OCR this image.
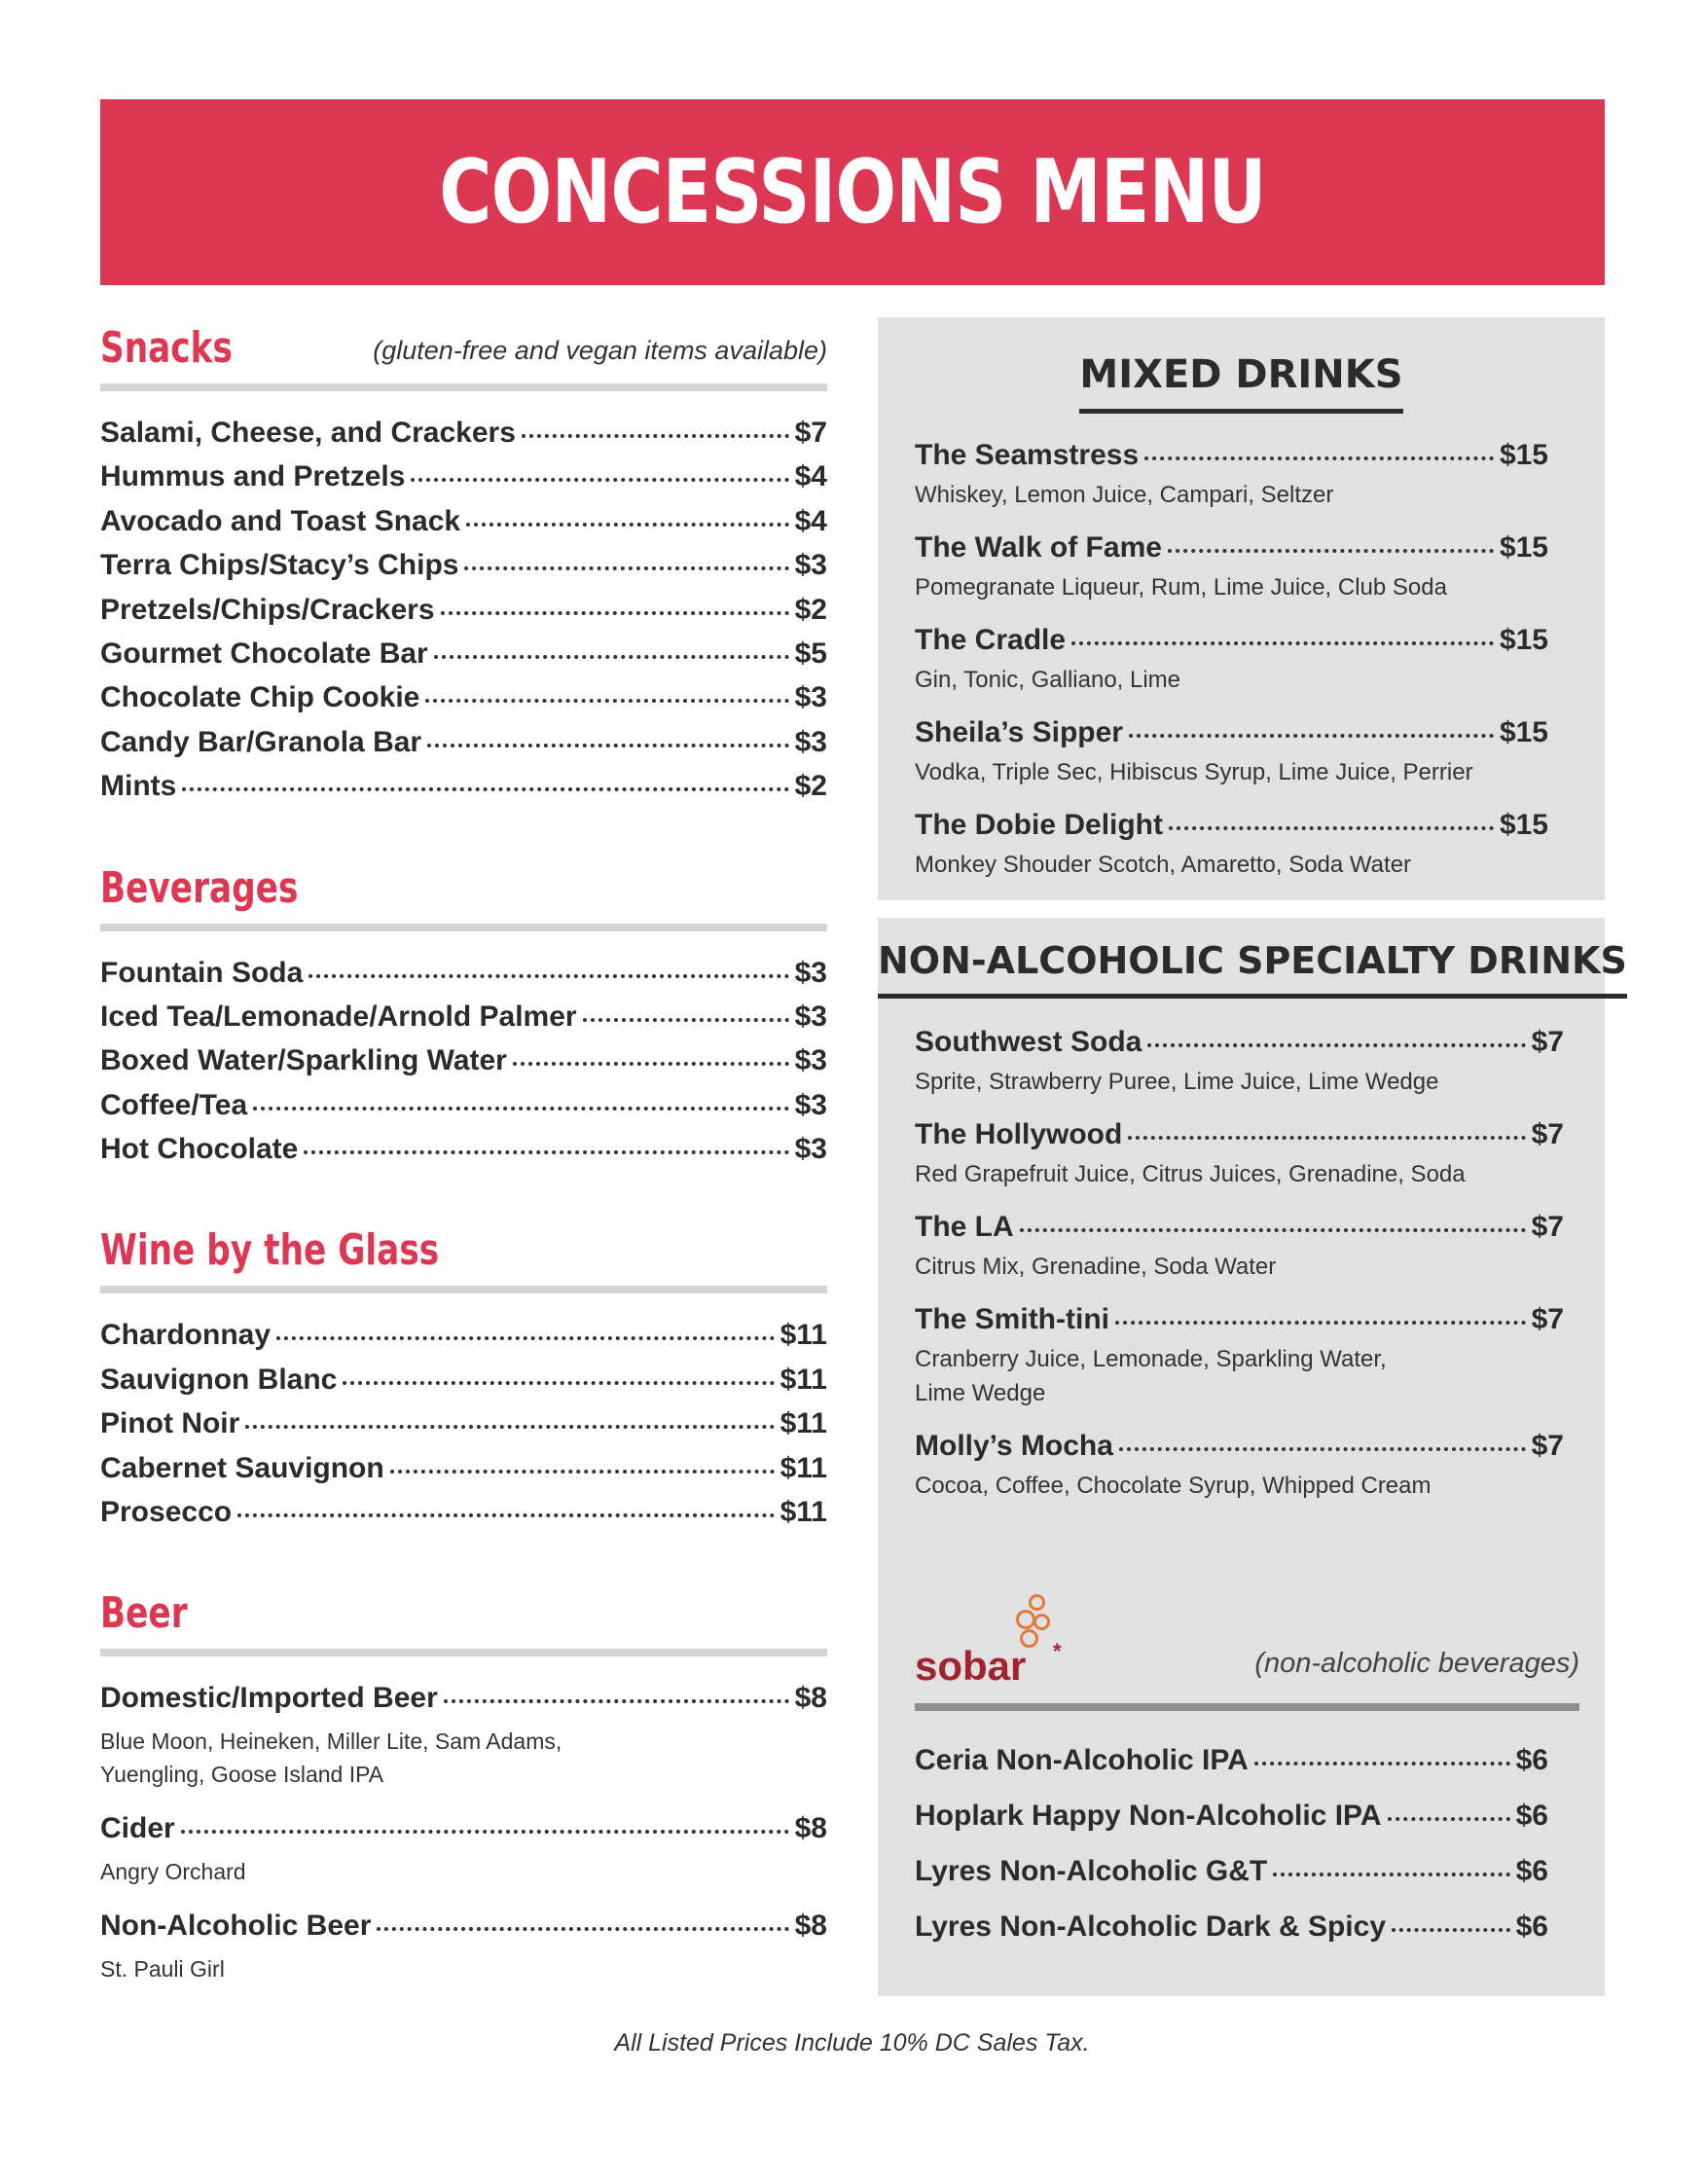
CONCESSIONS MENU
Snacks	(gluten-free and vegan items available)
Salami, Cheese, and Crackers	$7
Hummus and Pretzels	$4
Avocado and Toast Snack	$4
Terra Chips/Stacy’s Chips	$3
Pretzels/Chips/Crackers	$2
Gourmet Chocolate Bar	$5
Chocolate Chip Cookie	$3
Candy Bar/Granola Bar	$3
Mints	$2
Beverages
Fountain Soda	$3
Iced Tea/Lemonade/Arnold Palmer	$3
Boxed Water/Sparkling Water	$3
Coffee/Tea	$3
Hot Chocolate	$3
Wine by the Glass
Chardonnay	$11
Sauvignon Blanc	$11
Pinot Noir	$11
Cabernet Sauvignon	$11
Prosecco	$11
Beer
Domestic/Imported Beer	$8
Blue Moon, Heineken, Miller Lite, Sam Adams,
Yuengling, Goose Island IPA
Cider	$8
Angry Orchard
Non-Alcoholic Beer	$8
St. Pauli Girl
MIXED DRINKS
The Seamstress	$15
Whiskey, Lemon Juice, Campari, Seltzer
The Walk of Fame	$15
Pomegranate Liqueur, Rum, Lime Juice, Club Soda
The Cradle	$15
Gin, Tonic, Galliano, Lime
Sheila’s Sipper	$15
Vodka, Triple Sec, Hibiscus Syrup, Lime Juice, Perrier
The Dobie Delight	$15
Monkey Shouder Scotch, Amaretto, Soda Water
NON-ALCOHOLIC SPECIALTY DRINKS
Southwest Soda	$7
Sprite, Strawberry Puree, Lime Juice, Lime Wedge
The Hollywood	$7
Red Grapefruit Juice, Citrus Juices, Grenadine, Soda
The LA	$7
Citrus Mix, Grenadine, Soda Water
The Smith-tini	$7
Cranberry Juice, Lemonade, Sparkling Water,
Lime Wedge
Molly’s Mocha	$7
Cocoa, Coffee, Chocolate Syrup, Whipped Cream
sobar *	(non-alcoholic beverages)
Ceria Non-Alcoholic IPA	$6
Hoplark Happy Non-Alcoholic IPA	$6
Lyres Non-Alcoholic G&T	$6
Lyres Non-Alcoholic Dark & Spicy	$6
All Listed Prices Include 10% DC Sales Tax.
